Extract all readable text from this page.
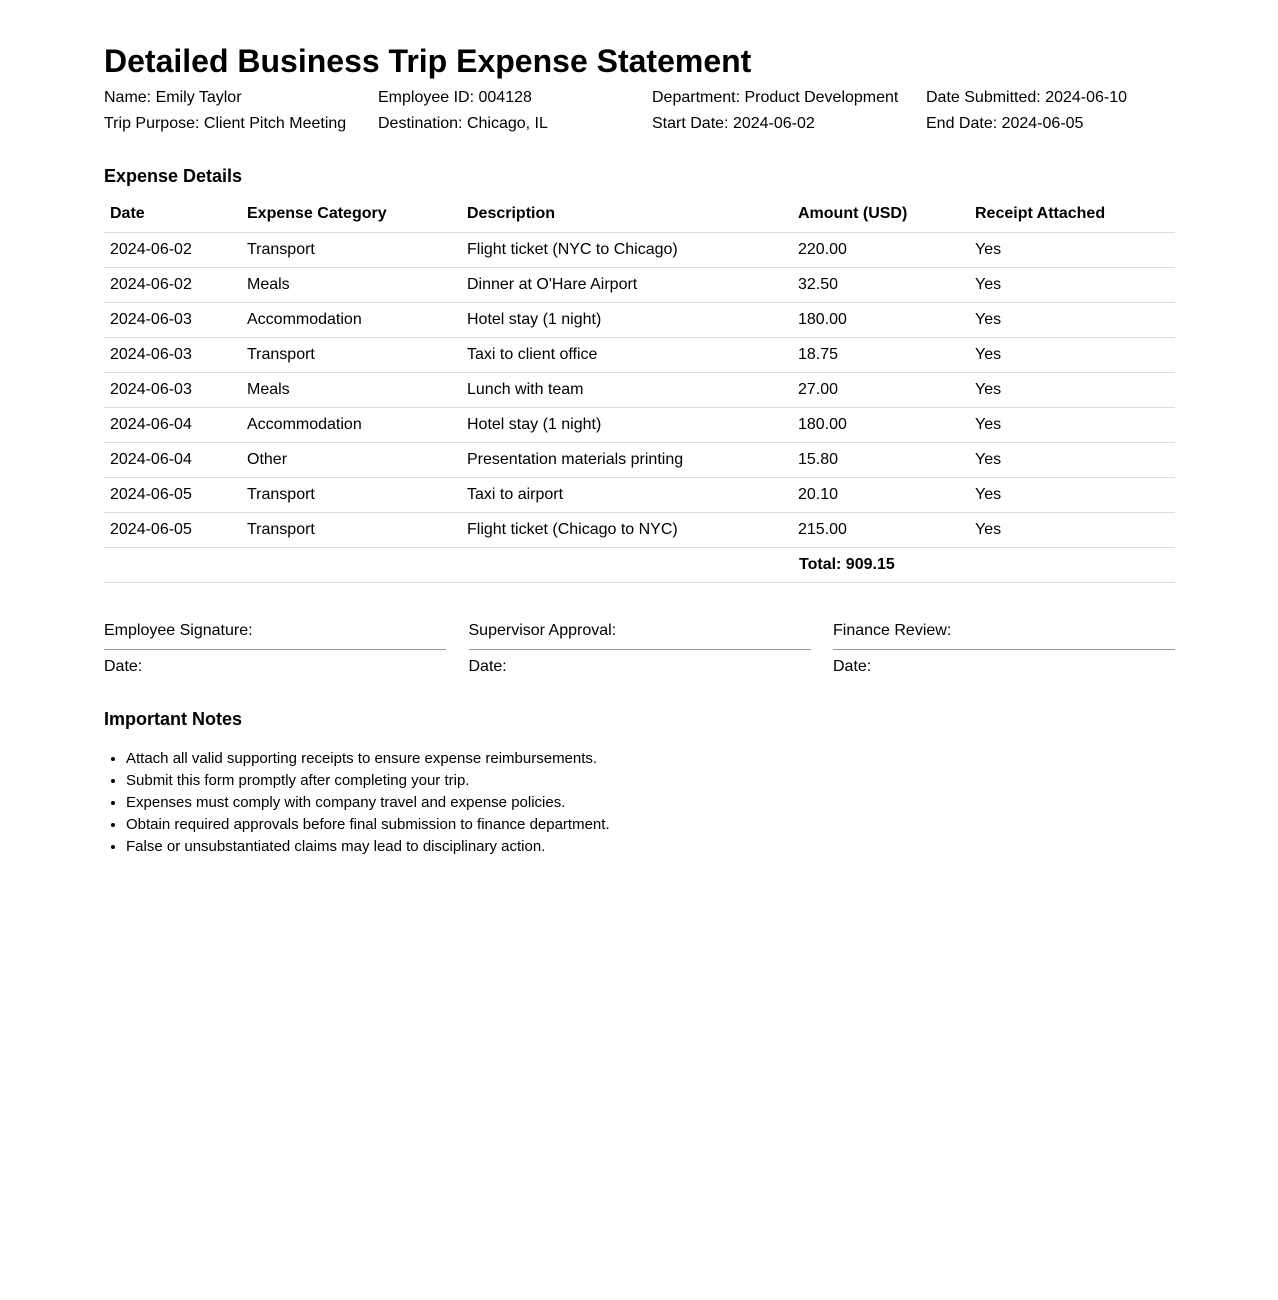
Detailed Business Trip Expense Statement
Name: Emily Taylor	Employee ID: 004128	Department: Product Development	Date Submitted: 2024-06-10
Trip Purpose: Client Pitch Meeting	Destination: Chicago, IL	Start Date: 2024-06-02	End Date: 2024-06-05
Expense Details
Date	Expense Category	Description	Amount (USD)	Receipt Attached
2024-06-02	Transport	Flight ticket (NYC to Chicago)	220.00	Yes
2024-06-02	Meals	Dinner at O'Hare Airport	32.50	Yes
2024-06-03	Accommodation	Hotel stay (1 night)	180.00	Yes
2024-06-03	Transport	Taxi to client office	18.75	Yes
2024-06-03	Meals	Lunch with team	27.00	Yes
2024-06-04	Accommodation	Hotel stay (1 night)	180.00	Yes
2024-06-04	Other	Presentation materials printing	15.80	Yes
2024-06-05	Transport	Taxi to airport	20.10	Yes
2024-06-05	Transport	Flight ticket (Chicago to NYC)	215.00	Yes
			Total: 909.15	
Employee Signature:
Date:
Supervisor Approval:
Date:
Finance Review:
Date:
Important Notes
• Attach all valid supporting receipts to ensure expense reimbursements.
• Submit this form promptly after completing your trip.
• Expenses must comply with company travel and expense policies.
• Obtain required approvals before final submission to finance department.
• False or unsubstantiated claims may lead to disciplinary action.
